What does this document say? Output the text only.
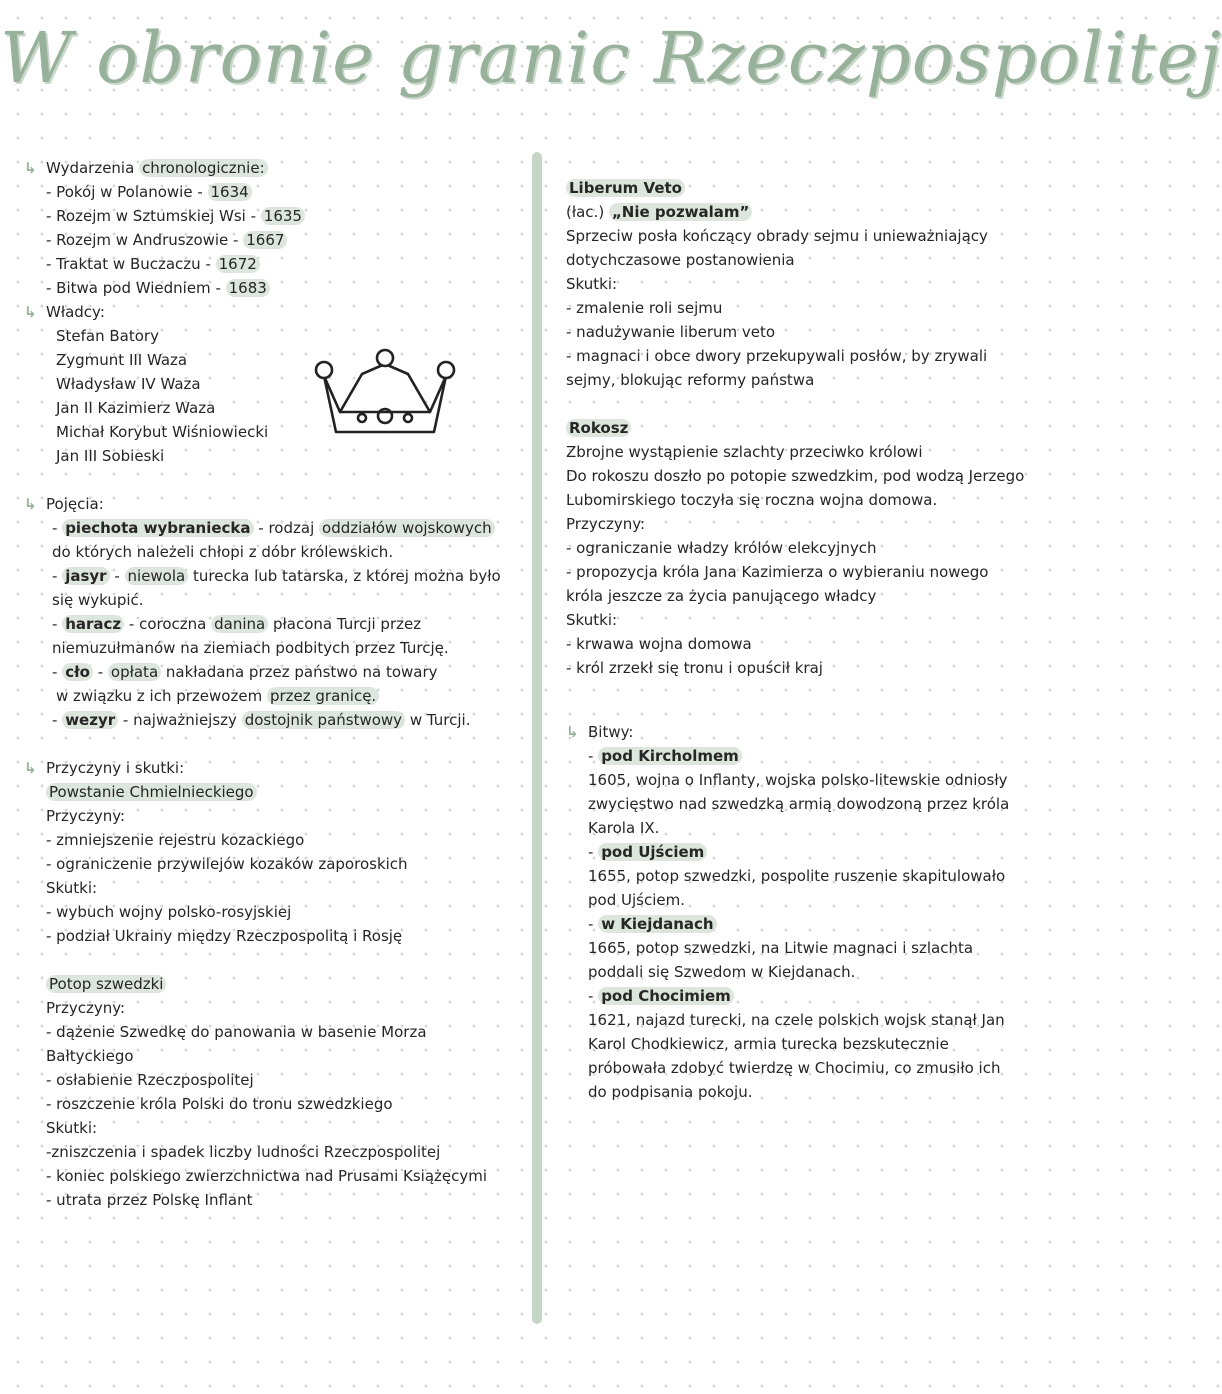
W obronie granic Rzeczpospolitej
↳ Wydarzenia chronologicznie:
- Pokój w Polanowie - 1634
- Rozejm w Sztumskiej Wsi - 1635
- Rozejm w Andruszowie - 1667
- Traktat w Buczaczu - 1672
- Bitwa pod Wiedniem - 1683
↳ Władcy:
Stefan Batory
Zygmunt III Waza
Władysław IV Waza
Jan II Kazimierz Waza
Michał Korybut Wiśniowiecki
Jan III Sobieski
↳ Pojęcia:
- piechota wybraniecka - rodzaj oddziałów wojskowych
do których należeli chłopi z dóbr królewskich.
- jasyr - niewola turecka lub tatarska, z której można było
się wykupić.
- haracz - coroczna danina płacona Turcji przez
niemuzułmanów na ziemiach podbitych przez Turcję.
- cło - opłata nakładana przez państwo na towary
w związku z ich przewozem przez granicę.
- wezyr - najważniejszy dostojnik państwowy w Turcji.
↳ Przyczyny i skutki:
Powstanie Chmielnieckiego
Przyczyny:
- zmniejszenie rejestru kozackiego
- ograniczenie przywilejów kozaków zaporoskich
Skutki:
- wybuch wojny polsko-rosyjskiej
- podział Ukrainy między Rzeczpospolitą i Rosję
Potop szwedzki
Przyczyny:
- dążenie Szwedkę do panowania w basenie Morza
Bałtyckiego
- osłabienie Rzeczpospolitej
- roszczenie króla Polski do tronu szwedzkiego
Skutki:
-zniszczenia i spadek liczby ludności Rzeczpospolitej
- koniec polskiego zwierzchnictwa nad Prusami Książęcymi
- utrata przez Polskę Inflant
Liberum Veto
(łac.) „Nie pozwalam”
Sprzeciw posła kończący obrady sejmu i unieważniający
dotychczasowe postanowienia
Skutki:
- zmalenie roli sejmu
- nadużywanie liberum veto
- magnaci i obce dwory przekupywali posłów, by zrywali
sejmy, blokując reformy państwa
Rokosz
Zbrojne wystąpienie szlachty przeciwko królowi
Do rokoszu doszło po potopie szwedzkim, pod wodzą Jerzego
Lubomirskiego toczyła się roczna wojna domowa.
Przyczyny:
- ograniczanie władzy królów elekcyjnych
- propozycja króla Jana Kazimierza o wybieraniu nowego
króla jeszcze za życia panującego władcy
Skutki:
- krwawa wojna domowa
- król zrzekł się tronu i opuścił kraj
↳ Bitwy:
- pod Kircholmem
1605, wojna o Inflanty, wojska polsko-litewskie odniosły
zwycięstwo nad szwedzką armią dowodzoną przez króla
Karola IX.
- pod Ujściem
1655, potop szwedzki, pospolite ruszenie skapitulowało
pod Ujściem.
- w Kiejdanach
1665, potop szwedzki, na Litwie magnaci i szlachta
poddali się Szwedom w Kiejdanach.
- pod Chocimiem
1621, najazd turecki, na czele polskich wojsk stanął Jan
Karol Chodkiewicz, armia turecka bezskutecznie
próbowała zdobyć twierdzę w Chocimiu, co zmusiło ich
do podpisania pokoju.
